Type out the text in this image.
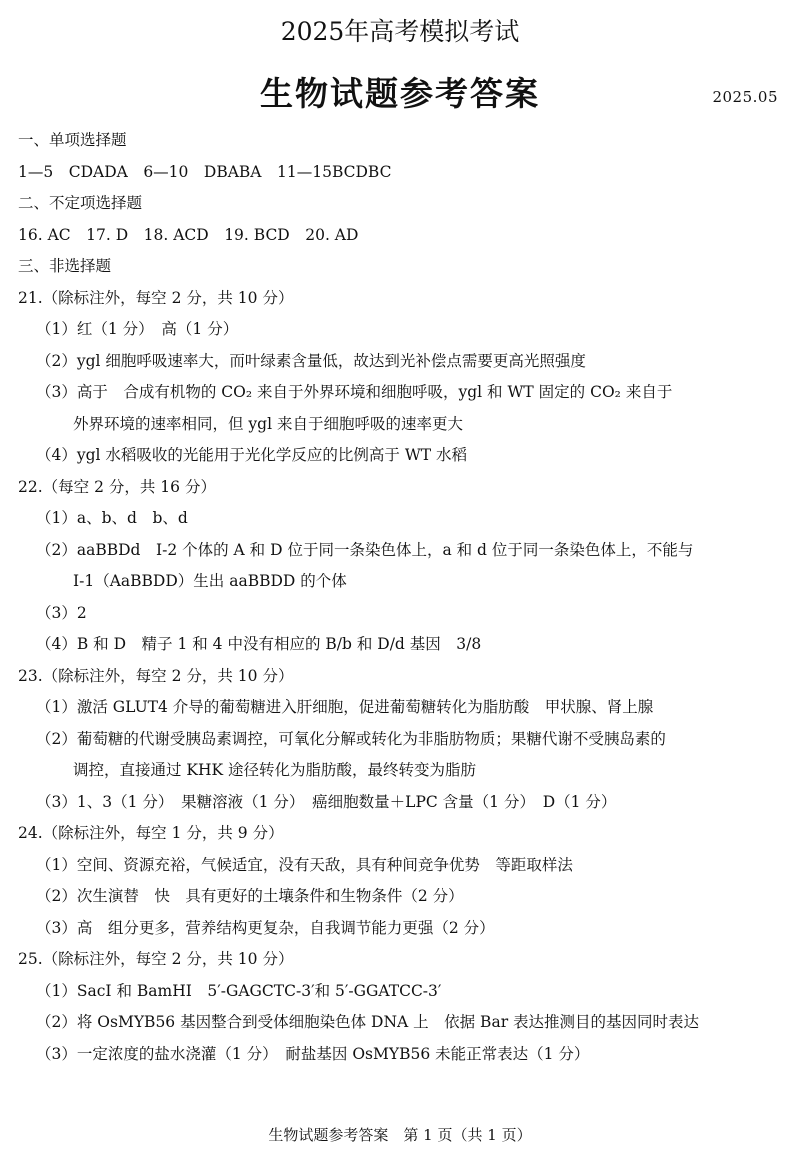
2025年高考模拟考试
生物试题参考答案	2025.05
一、单项选择题
1—5　CDADA　6—10　DBABA　11—15BCDBC
二、不定项选择题
16. AC　17. D　18. ACD　19. BCD　20. AD
三、非选择题
21.（除标注外，每空 2 分，共 10 分）
（1）红（1 分）　高（1 分）
（2）ygl 细胞呼吸速率大，而叶绿素含量低，故达到光补偿点需要更高光照强度
（3）高于　合成有机物的 CO₂ 来自于外界环境和细胞呼吸，ygl 和 WT 固定的 CO₂ 来自于
外界环境的速率相同，但 ygl 来自于细胞呼吸的速率更大
（4）ygl 水稻吸收的光能用于光化学反应的比例高于 WT 水稻
22.（每空 2 分，共 16 分）
（1）a、b、d　b、d
（2）aaBBDd　Ⅰ-2 个体的 A 和 D 位于同一条染色体上，a 和 d 位于同一条染色体上，不能与
Ⅰ-1（AaBBDD）生出 aaBBDD 的个体
（3）2
（4）B 和 D　精子 1 和 4 中没有相应的 B/b 和 D/d 基因　3/8
23.（除标注外，每空 2 分，共 10 分）
（1）激活 GLUT4 介导的葡萄糖进入肝细胞，促进葡萄糖转化为脂肪酸　甲状腺、肾上腺
（2）葡萄糖的代谢受胰岛素调控，可氧化分解或转化为非脂肪物质；果糖代谢不受胰岛素的
调控，直接通过 KHK 途径转化为脂肪酸，最终转变为脂肪
（3）1、3（1 分）　果糖溶液（1 分）　癌细胞数量＋LPC 含量（1 分）　D（1 分）
24.（除标注外，每空 1 分，共 9 分）
（1）空间、资源充裕，气候适宜，没有天敌，具有种间竞争优势　等距取样法
（2）次生演替　快　具有更好的土壤条件和生物条件（2 分）
（3）高　组分更多，营养结构更复杂，自我调节能力更强（2 分）
25.（除标注外，每空 2 分，共 10 分）
（1）SacⅠ 和 BamHⅠ　5′-GAGCTC-3′和 5′-GGATCC-3′
（2）将 OsMYB56 基因整合到受体细胞染色体 DNA 上　依据 Bar 表达推测目的基因同时表达
（3）一定浓度的盐水浇灌（1 分）　耐盐基因 OsMYB56 未能正常表达（1 分）
生物试题参考答案　第 1 页（共 1 页）
